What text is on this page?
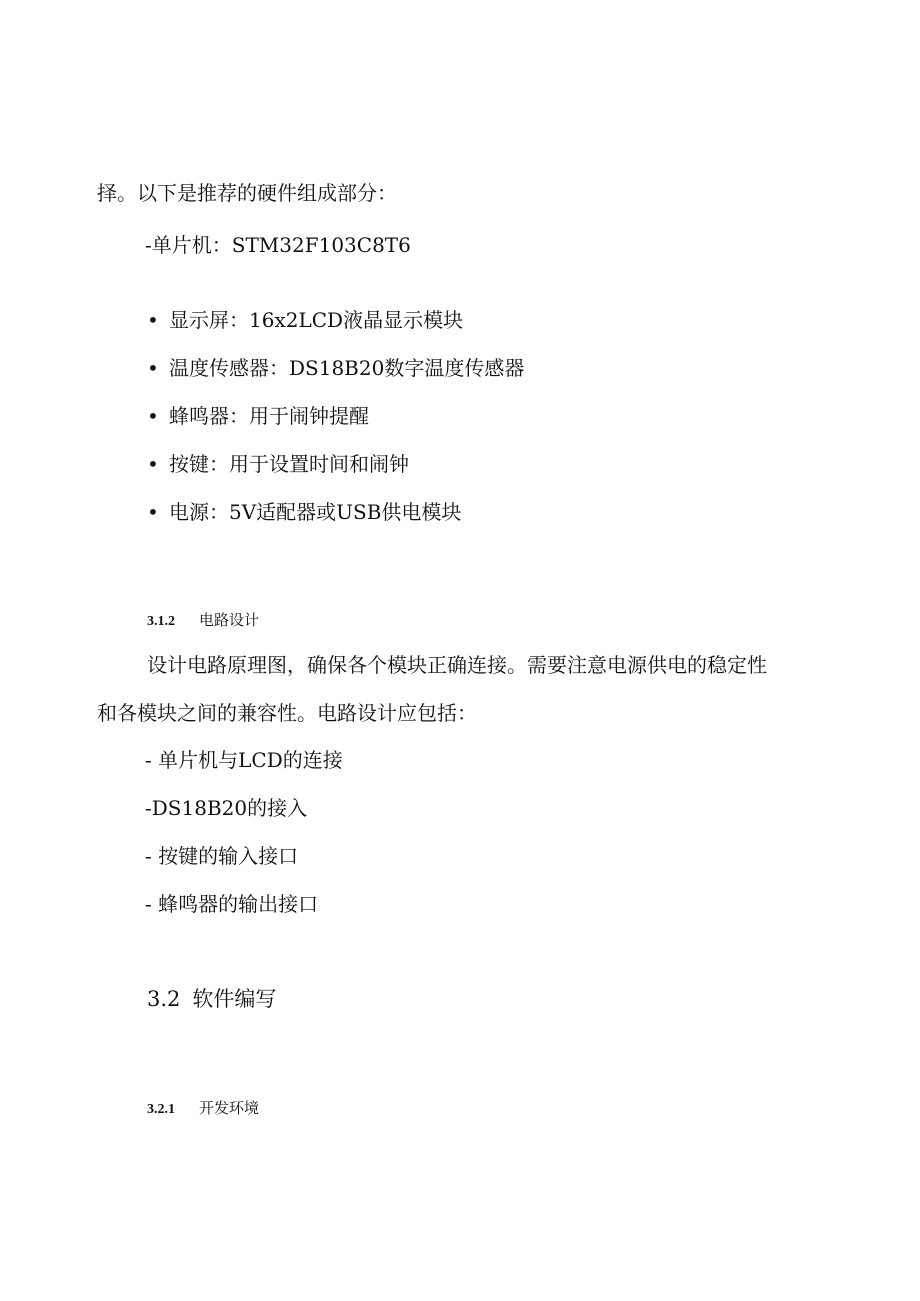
择。以下是推荐的硬件组成部分：
-单片机：STM32F103C8T6
• 显示屏：16x2LCD液晶显示模块
• 温度传感器：DS18B20数字温度传感器
• 蜂鸣器：用于闹钟提醒
• 按键：用于设置时间和闹钟
• 电源：5V适配器或USB供电模块
3.1.2 电路设计
设计电路原理图，确保各个模块正确连接。需要注意电源供电的稳定性
和各模块之间的兼容性。电路设计应包括：
- 单片机与LCD的连接
-DS18B20的接入
- 按键的输入接口
- 蜂鸣器的输出接口
3.2 软件编写
3.2.1 开发环境
